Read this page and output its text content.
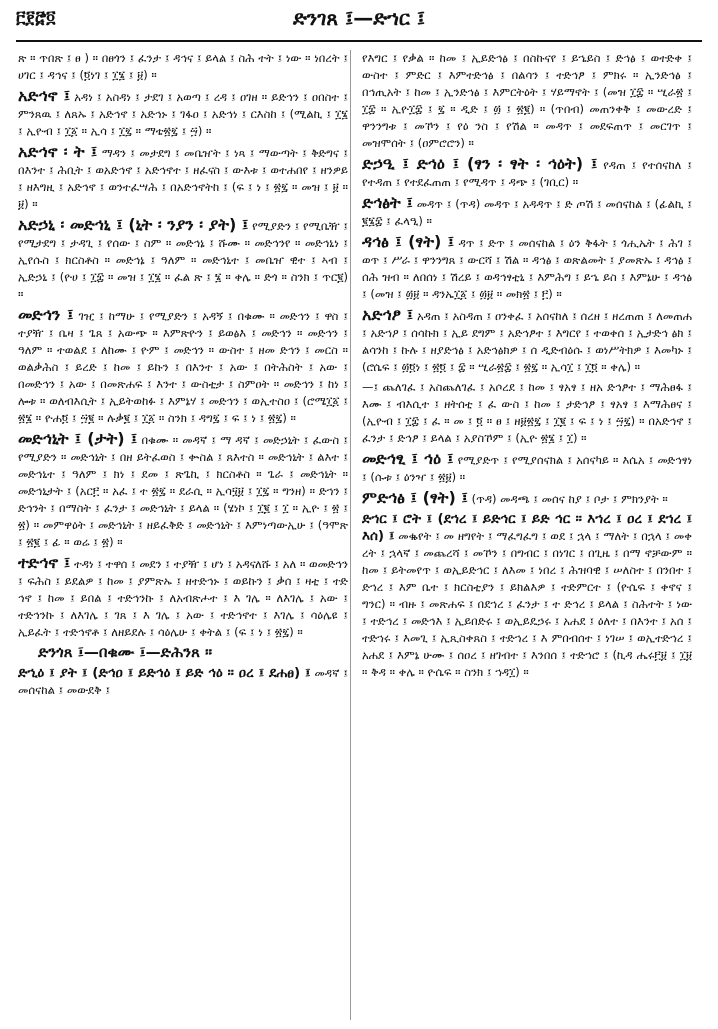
፫፻፸፬	ድንገጸ ፤—ድኀር ፤

ጽ ። ጥበጽ ፤ ፀ ) ። በፀጎን ፤ ፈንታ ፤ ዳኅና ፤ ይላል ፤ ስሕ ተት ፤ ነው ። ነበረት ፤ ሀገር ፤ ዳኅና ፤ (፬ነገ ፤ ፲፮ ፤ ፱) ።

አድኅኖ ፤ አዳነ ፤ አስዳነ ፤ ታደገ ፤ አወጣ ፤ ረዳ ፤ ዐገዘ ። ይድኅን ፤ ዐበስተ ፤ ምንጸዉ ፤ ለጸኡ ፤ አድኅኖ ፤ አድኅኑ ፤ ገፋዐ ፤ አድኅነ ፤ ርእስከ ፤ (ሚልኪ ፤ ፲፮ ፤ ኢዮብ ፤ ፲፩ ። ኢሳ ፤ ፲፯ ። ማቴ፳፯ ፤ ፵) ።

አድኅኖ ፡ ት ፤ ማዳን ፤ መታደግ ፤ መቤዠት ፤ ነጻ ፤ ማውጣት ፤ ቅድግና ፤ በእንተ ፤ ሕቢት ፤ ወአድኅኖ ፤ አድኅኖተ ፤ ዘፈናስ ፤ ውእቱ ፤ ወተሐበየ ፤ ዘንዎይ ፤ ዘእግዚ ፤ አድኅኖ ፤ ወንተፈሣሕ ፤ በአድኅኖትከ ፤ (ፍ ፤ ነ ፤ ፳፯ ። መዝ ፤ ፱ ። ፱) ።

አድኃኒ ፡ መድኅኒ ፤ (ኒት ፡ ንያን ፡ ያት) ፤ የሚያድን ፤ የሚቤዥ ፤ የሚታደግ ፤ ታዳጊ ፤ የሰው ፤ ስም ። መድኅኔ ፤ ሹሙ ። መድኅንየ ። መድኅኒነ ፤ ኢየሱስ ፤ ክርስቶስ ። መድኅኔ ፤ ዓለም ። መድኅኒተ ፤ መቤዠ ዊተ ፤ ኣብ ፤ ኢድኃኒ ፤ (ዮሀ ፤ ፲፰ ። መዝ ፤ ፲፮ ። ፈል ጽ ፤ ፮ ። ቀሌ ። ድጎ ። ስንክ ፤ ጥር፪) ።

መድኅን ፤ ገዢ ፤ ከማሁ ፤ የሚያድን ፤ አዳኝ ፤ በቁሙ ። መድኅን ፤ ዋስ ፤ ተያዥ ፤ ቤዛ ፤ ጌጸ ፤ አውጭ ። እምጽዮን ፤ ይወፅእ ፤ መድኅን ። መድኅን ፤ ዓለም ። ተወልደ ፤ ለከሙ ፤ ዮም ፤ መድኅን ። ውስተ ፤ ዘመ ድኅን ፤ መርስ ። ወልቃሕስ ፤ ይረድ ፤ ከመ ፤ ይኩን ፤ በእንተ ፤ አው ፤ በትሕስት ፤ አው ፤ በመድኅን ፤ አው ፤ በመጽሐፍ ፤ እንተ ፤ ውስቲታ ፤ ስምዐት ። መድኅን ፤ ከነ ፤ ሎቱ ። ወለብእሲት ፤ ኢይትወከፉ ፤ እምኔሃ ፤ መድኅን ፤ ወኢተስዐ ፤ (ሮሜ፲፩ ፤ ፳፮ ። ዮሐ፬ ፤ ፵፪ ። ሉቃ፪ ፤ ፲፩ ። ስንክ ፤ ዳግ፯ ፤ ፍ ፤ ነ ፤ ፳፯) ።

መድኅኒት ፤ (ታት) ፤ በቁሙ ። መዳኛ ፤ ማ ዳኛ ፤ መድኃኒት ፤ ፈውስ ፤ የሚያድን ። መድኅኒት ፤ በዘ ይትፈወስ ፤ ቍስል ፤ ጸእተስ ። መድኅኒት ፤ ልእተ ፤ መድኅኒተ ፤ ዓለም ፤ ክነ ፤ ደመ ፤ ጽጌኪ ፤ ክርስቶስ ። ጌራ ፤ መድኅኒት ። መድኅኒታት ፤ (አር፫ ። አፈ ፤ ተ ፳፯ ። ደራሲ ። ኢሳ፶፱ ፤ ፲፯ ። ግንዘ) ። ድኀን ፤ ድኅንት ፤ በማስት ፤ ፈንታ ፤ መድኅኒት ፤ ይላል ። (ሄነኮ ፤ ፲፪ ፤ ፲ ። ኢዮ ፤ ፳ ፤ ፳) ። መምዋዕት ፤ መድኅኒት ፤ ዘይፈቅድ ፤ መድኅኒት ፤ እምነጣውኢሁ ፤ (ዓሞጽ ፤ ፳፪ ፤ ፊ ። ወሬ ፤ ፳) ።

ተድኅኖ ፤ ተዳነ ፤ ተዋሰ ፤ መደን ፤ ተያዥ ፤ ሆነ ፤ አዳናለሹ ፤ አለ ። ወመድኅን ፤ ፍሕስ ፤ ይደልዎ ፤ ከመ ፤ ያምጽኡ ፤ ዘተድኅኑ ፤ ወይኩን ፤ ቃሰ ፤ ዛቲ ፤ ተድ ኅኖ ፤ ከመ ፤ ይበል ፤ ተድኅንኩ ፤ ለአብጽሖተ ፤ እ ገሌ ። ለእገሌ ፤ አው ፤ ተድኅንኩ ፤ ለእገሌ ፤ ገጸ ፤ እ ገሌ ፤ አው ፤ ተድኅኖተ ፤ እገሌ ፤ ሳዕሌዩ ፤ ኢይፈት ፤ ተድኅኖቶ ፤ ለዘይደሉ ፤ ሳዕሌሁ ፤ ቀትል ፤ (ፍ ፤ ነ ፤ ፳፯) ።

ድንጎጸ ፤—በቁሙ ፤—ድሕንጸ ።

ድኂዕ ፤ ያት ፤ (ድኅዐ ፤ ይድኅዕ ፤ ይድ ኅዕ ። ዐረ ፤ ደሐፀ) ፤ መዳኛ ፤ መሰናከል ፤ መውደቅ ፤

የእግር ፤ የቃል ። ከመ ፤ ኢይድኅፅ ፤ በስኩናየ ፤ ይኄይስ ፤ ድኅፅ ፤ ወተድቀ ፤ ውስተ ፤ ምድር ፤ እምተድኅፅ ፤ በልሳን ፤ ተድኅፆ ፤ ምክሩ ። ኢንድኅፅ ፤ በኅጢአት ፤ ከመ ፤ ኢንድኅፅ ፤ እምርትዕት ፤ ሃይማኖት ፤ (መዝ ፲፰ ። ሢራ፳ ፤ ፲፰ ። ኢዮ፲፰ ፤ ፯ ። ዲድ ፤ ፴ ፤ ፳፪) ። (ጥበብ) መጠንቀቅ ፤ መውረድ ፤ ዋንንግቱ ፤ መኾን ፤ የዕ ንስ ፤ የሽል ። መዳጥ ፤ መደፍጠጥ ፤ መርገጥ ፤ መዝሞሰት ፤ (ዐምሮሮን) ።

ድኃዒ ፤ ድኅዕ ፤ (ፃን ፡ ፃት ፡ ኅዕት) ፤ የዳጠ ፤ የተሰናከለ ፤ የተዳጠ ፤ የተደፈጠጠ ፤ የሚዳጥ ፤ ዳጭ ፤ (ገቢር) ።

ድኅፅት ፤ መዳጥ ፤ (ጥዳ) መዳጥ ፤ አዳዳጥ ፤ ድ ጦሽ ፤ መሰናከል ፤ (ፊልኪ ፤ ፪፮፰ ፤ ፈላዒ) ።

ዳኅፅ ፤ (ፃት) ፤ ዳጥ ፤ ድጥ ፤ መሰናከል ፤ ዕን ቅፋት ፤ ጎሒኤት ፤ ሕገ ፤ ወጥ ፤ ሥራ ፤ ዋንንግጸ ፤ ውርሻ ፤ ሽል ። ዳኅፅ ፤ ወጽልመት ፤ ያመጽኡ ፤ ዳኅፅ ፤ ሰሕ ዝብ ። ለበሰነ ፤ ሽረይ ፤ ወዳኅፃቲኒ ፤ እምሕግ ፤ ይኄ ይስ ፤ እምኔሁ ፤ ዳኅፅ ፤ (መዝ ፤ ፴፱ ። ዳንኤ፲፩ ፤ ፴፱ ። መክ፳ ፤ ፫) ።

አድኅፆ ፤ አዳጠ ፤ አስዳጠ ፤ ዐንቀፈ ፤ አሰናከለ ፤ ሰረዘ ፤ ዘረጠጠ ፤ ለመጠሐ ፤ አድኀዖ ፤ ሰሳኩክ ፤ ኢይ ደግም ፤ አድኅፆተ ፤ እግርየ ፤ ተወቀሰ ፤ ኢታድኅ ፅክ ፤ ልሳንከ ፤ ኩሉ ፤ ዘያድኅፅ ፤ አድኅፅክዎ ፤ ሰ ዲድብዕሱ ፤ ወነሥትክዎ ፤ እመካኑ ፤ (ሮሴፍ ፤ ፴፬ነ ፤ ፳፬ ፤ ፰ ። ሢራ፳፰ ፤ ፳፯ ። ኢሳ፲ ፤ ፲፬ ። ቀሌ) ።

—፤ ጨለገፈ ፤ አስጨለገፈ ፤ አሶረደ ፤ ከመ ፤ ፃአፃ ፤ ዘአ ድኅፆተ ፤ ማሕፀፋ ፤ እሙ ፤ ብእሲተ ፤ ዘትሰቲ ፤ ፈ ውስ ፤ ከመ ፤ ታድኅፆ ፤ ፃአፃ ፤ እማሕፀና ፤ (ኢዮብ ፤ ፲፰ ፤ ፈ ። መ ፤ ፬ ። ፀ ፤ ዘ፱፳፯ ፤ ፲፪ ፤ ፍ ፤ ነ ፤ ፵፯) ። በአድኅኖ ፤ ፈንታ ፤ ድኅፆ ፤ ይላል ፤ አያስኾም ፤ (ኢዮ ፳፮ ፤ ፲) ።

መድኅፂ ፤ ኅዕ ፤ የሚያድጥ ፤ የሚያሰናክል ፤ አሰናካይ ። እሴአ ፤ መድኅፃነ ፤ (ሱቱ ፤ ዕንዣ ፤ ፳፱) ።

ምድኅፅ ፤ (ፃት) ፤ (ጥዳ) መዳጫ ፤ መሰና ከያ ፤ ቦታ ፤ ምክንያት ።

ድኀር ፤ ሮት ፤ (ደኀረ ፤ ይድኅር ፤ ይድ ኅር ። እኀረ ፤ ዐረ ፤ ደኀረ ፤ እሰ) ፤ መቈየት ፤ መ ዘግየት ፤ ማፈግፈግ ፤ ወደ ፤ ኋላ ፤ ማለት ፤ በኋላ ፤ መቀ ረት ፤ ኋላኛ ፤ መጨረሻ ፤ መኾን ፤ በግብር ፤ በነገር ፤ በጊዜ ፤ በማ ኖቻውም ። ከመ ፤ ይትመየጥ ፤ ወኢይድኅር ፤ ለእመ ፤ ነበረ ፤ ሕዝባዊ ፤ ሠለስተ ፤ በንበተ ፤ ድኀረ ፤ እም ቤተ ፤ ክርስቲያን ፤ ይክልእዎ ፤ ተድምርተ ፤ (ዮሴፍ ፤ ቀኖና ፤ ግንር) ። ብዙ ፤ መጽሐፍ ፤ በደኀረ ፤ ፈንታ ፤ ተ ድኅረ ፤ ይላል ፤ ስሕተት ፤ ነው ፤ ተድኅረ ፤ መድኅእ ፤ ኢይበድሩ ፤ ወኢይዴኃሩ ፤ አሐደ ፤ ዕለተ ፤ በእንተ ፤ አሰ ፤ ተድኀሩ ፤ እመጊ ፤ ኢጺስቀጸስ ፤ ተድኀረ ፤ እ ምበብሰተ ፤ ነገሠ ፤ ወኢተድኀረ ፤ አሐደ ፤ እምኔ ሁሙ ፤ ሰዐረ ፤ ዘገብተ ፤ እንበሰ ፤ ተድኀሮ ፤ (ኪዳ ሔሩ፫፱ ፤ ፲፱ ። ቅዳ ። ቀሌ ። ዮሴፍ ። ስንክ ፤ ኀዳ፲) ።
